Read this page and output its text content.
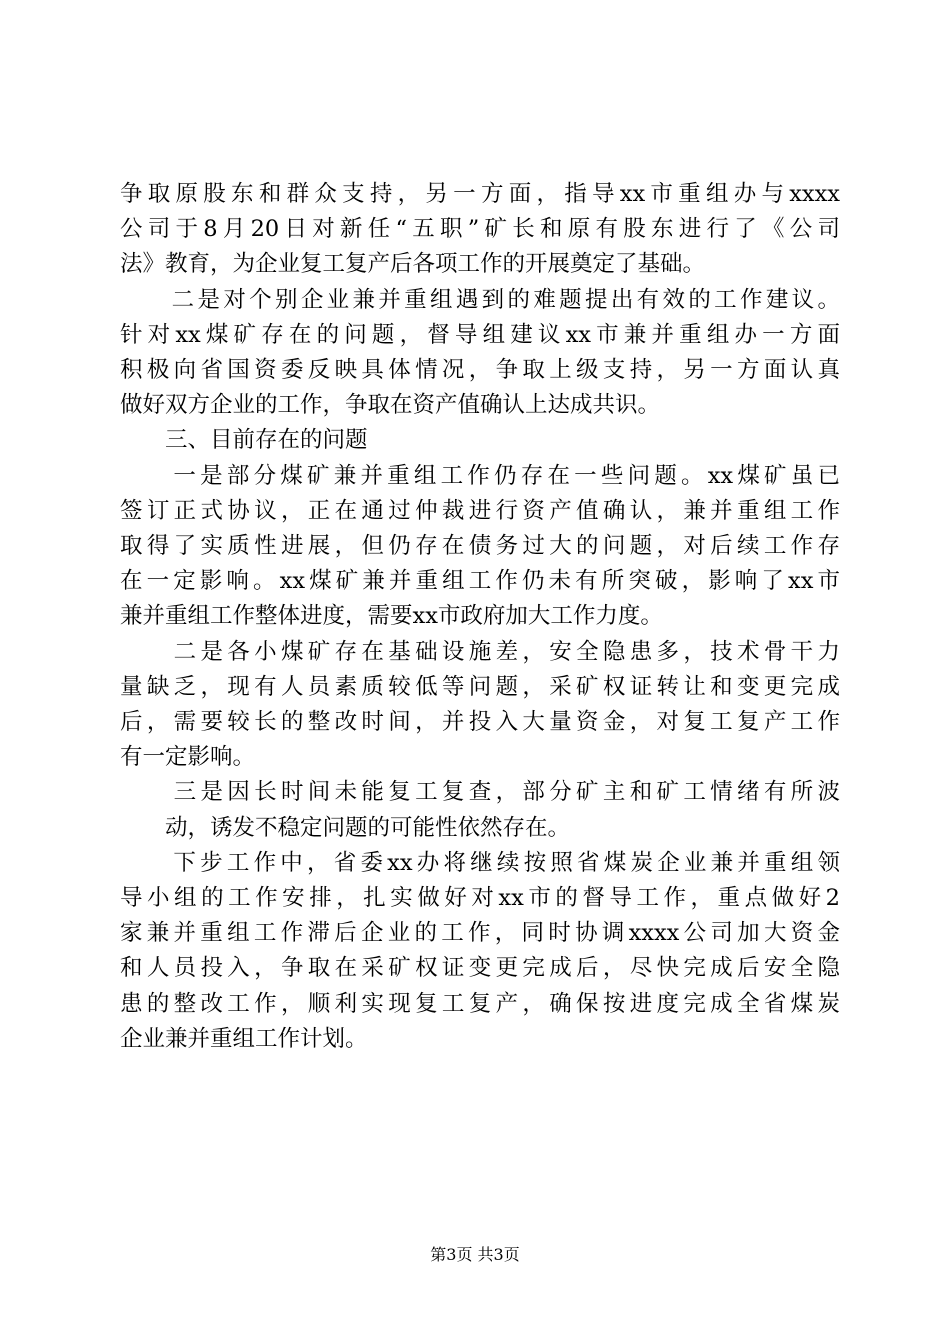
争取原股东和群众支持，另一方面，指导xx市重组办与xxxx
公司于8月20日对新任“五职”矿长和原有股东进行了《公司
法》教育，为企业复工复产后各项工作的开展奠定了基础。
　　二是对个别企业兼并重组遇到的难题提出有效的工作建议。
针对xx煤矿存在的问题，督导组建议xx市兼并重组办一方面
积极向省国资委反映具体情况，争取上级支持，另一方面认真
做好双方企业的工作，争取在资产值确认上达成共识。
　　三、目前存在的问题
　　一是部分煤矿兼并重组工作仍存在一些问题。xx煤矿虽已
签订正式协议，正在通过仲裁进行资产值确认，兼并重组工作
取得了实质性进展，但仍存在债务过大的问题，对后续工作存
在一定影响。xx煤矿兼并重组工作仍未有所突破，影响了xx市
兼并重组工作整体进度，需要xx市政府加大工作力度。
　　二是各小煤矿存在基础设施差，安全隐患多，技术骨干力
量缺乏，现有人员素质较低等问题，采矿权证转让和变更完成
后，需要较长的整改时间，并投入大量资金，对复工复产工作
有一定影响。
　　三是因长时间未能复工复查，部分矿主和矿工情绪有所波
　　动，诱发不稳定问题的可能性依然存在。
　　下步工作中，省委xx办将继续按照省煤炭企业兼并重组领
导小组的工作安排，扎实做好对xx市的督导工作，重点做好2
家兼并重组工作滞后企业的工作，同时协调xxxx公司加大资金
和人员投入，争取在采矿权证变更完成后，尽快完成后安全隐
患的整改工作，顺利实现复工复产，确保按进度完成全省煤炭
企业兼并重组工作计划。
第3页 共3页
